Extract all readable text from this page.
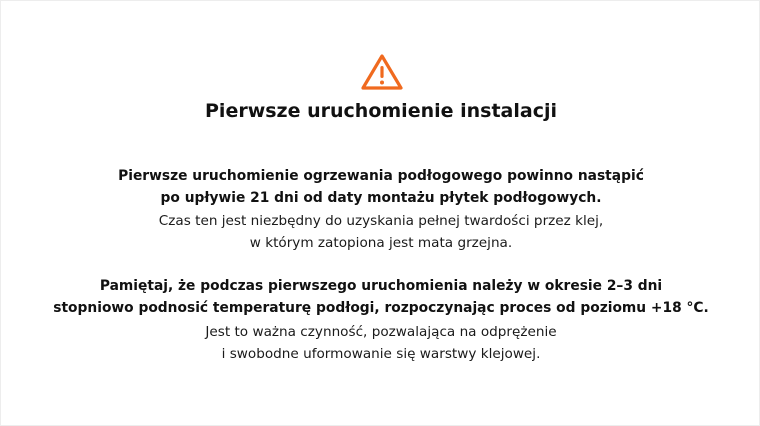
Pierwsze uruchomienie instalacji
Pierwsze uruchomienie ogrzewania podłogowego powinno nastąpić
po upływie 21 dni od daty montażu płytek podłogowych.
Czas ten jest niezbędny do uzyskania pełnej twardości przez klej,
w którym zatopiona jest mata grzejna.
Pamiętaj, że podczas pierwszego uruchomienia należy w okresie 2–3 dni
stopniowo podnosić temperaturę podłogi, rozpoczynając proces od poziomu +18 °C.
Jest to ważna czynność, pozwalająca na odprężenie
i swobodne uformowanie się warstwy klejowej.
